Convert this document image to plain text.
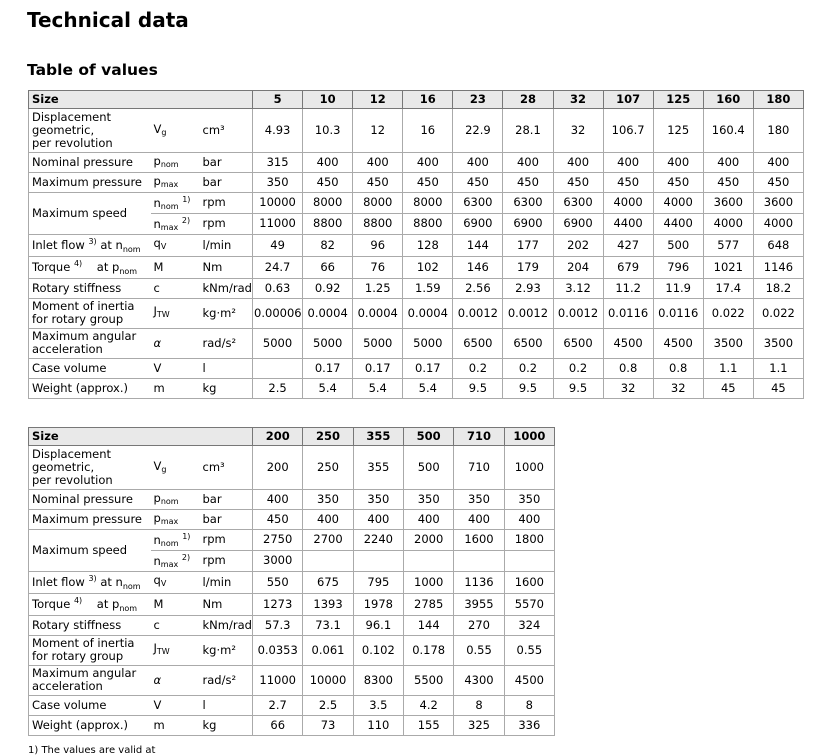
Technical data
Table of values
Size			5	10	12	16	23	28	32	107	125	160	180
Displacement
geometric,
per revolution	$V_g$	cm³	4.93	10.3	12	16	22.9	28.1	32	106.7	125	160.4	180
Nominal pressure	$p_{nom}$	bar	315	400	400	400	400	400	400	400	400	400	400
Maximum pressure	$p_{max}$	bar	350	450	450	450	450	450	450	450	450	450	450
Maximum speed	$n_{nom}$ $^{1)}$	rpm	10000	8000	8000	8000	6300	6300	6300	4000	4000	3600	3600
	$n_{max}$ $^{2)}$	rpm	11000	8800	8800	8800	6900	6900	6900	4400	4400	4000	4000
Inlet flow $^{3)}$ at $n_{nom}$	$q_V$	l/min	49	82	96	128	144	177	202	427	500	577	648
Torque $^{4)}$    at $p_{nom}$	M	Nm	24.7	66	76	102	146	179	204	679	796	1021	1146
Rotary stiffness	c	kNm/rad	0.63	0.92	1.25	1.59	2.56	2.93	3.12	11.2	11.9	17.4	18.2
Moment of inertia
for rotary group	$J_{TW}$	kg·m²	0.00006	0.0004	0.0004	0.0004	0.0012	0.0012	0.0012	0.0116	0.0116	0.022	0.022
Maximum angular
acceleration	α	rad/s²	5000	5000	5000	5000	6500	6500	6500	4500	4500	3500	3500
Case volume	V	l		0.17	0.17	0.17	0.2	0.2	0.2	0.8	0.8	1.1	1.1
Weight (approx.)	m	kg	2.5	5.4	5.4	5.4	9.5	9.5	9.5	32	32	45	45
Size			200	250	355	500	710	1000
Displacement
geometric,
per revolution	$V_g$	cm³	200	250	355	500	710	1000
Nominal pressure	$p_{nom}$	bar	400	350	350	350	350	350
Maximum pressure	$p_{max}$	bar	450	400	400	400	400	400
Maximum speed	$n_{nom}$ $^{1)}$	rpm	2750	2700	2240	2000	1600	1800
	$n_{max}$ $^{2)}$	rpm	3000					
Inlet flow $^{3)}$ at $n_{nom}$	$q_V$	l/min	550	675	795	1000	1136	1600
Torque $^{4)}$    at $p_{nom}$	M	Nm	1273	1393	1978	2785	3955	5570
Rotary stiffness	c	kNm/rad	57.3	73.1	96.1	144	270	324
Moment of inertia
for rotary group	$J_{TW}$	kg·m²	0.0353	0.061	0.102	0.178	0.55	0.55
Maximum angular
acceleration	α	rad/s²	11000	10000	8300	5500	4300	4500
Case volume	V	l	2.7	2.5	3.5	4.2	8	8
Weight (approx.)	m	kg	66	73	110	155	325	336
1) The values are valid at
